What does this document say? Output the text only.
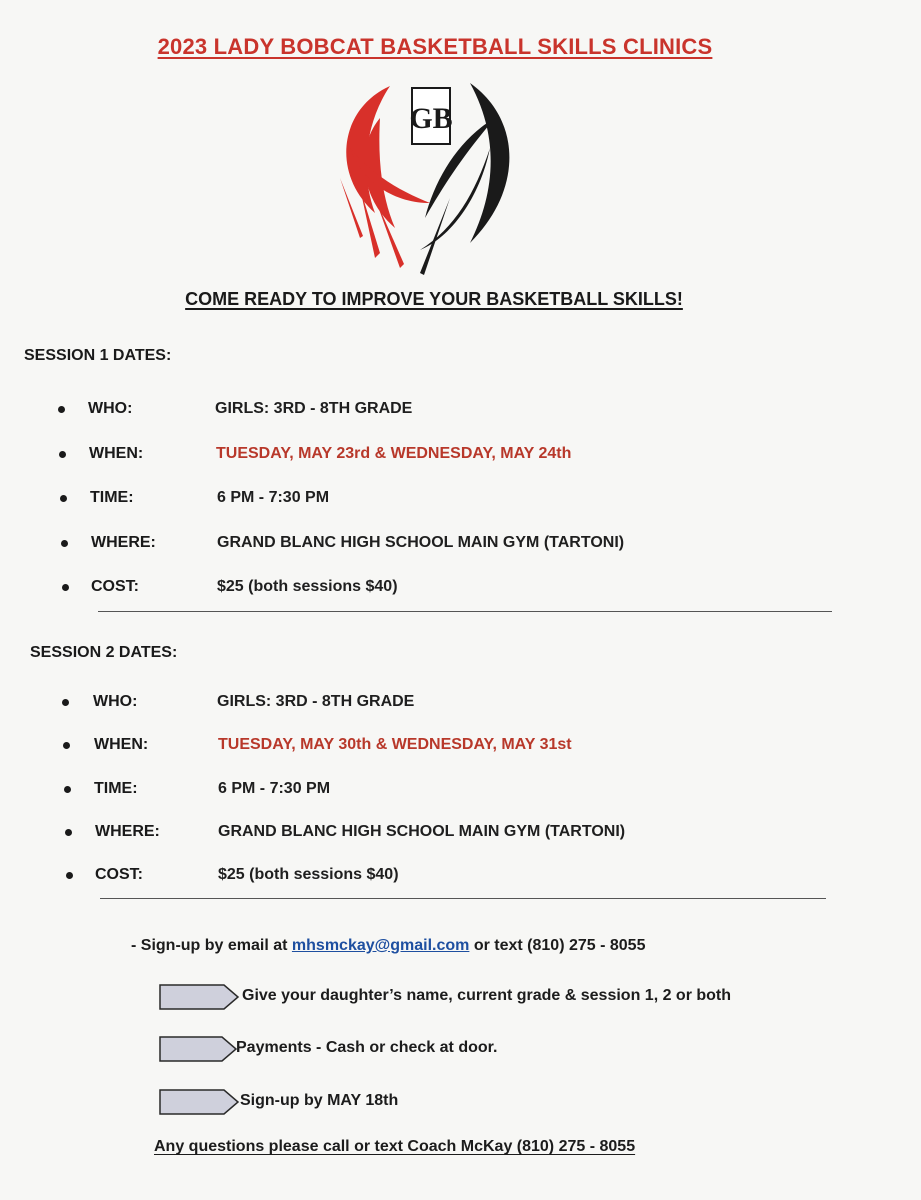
2023 LADY BOBCAT BASKETBALL SKILLS CLINICS
GB
COME READY TO IMPROVE YOUR BASKETBALL SKILLS!
SESSION 1 DATES:
WHO:	GIRLS: 3RD - 8TH GRADE
WHEN:	TUESDAY, MAY 23rd & WEDNESDAY, MAY 24th
TIME:	6 PM - 7:30 PM
WHERE:	GRAND BLANC HIGH SCHOOL MAIN GYM (TARTONI)
COST:	$25 (both sessions $40)
SESSION 2 DATES:
WHO:	GIRLS: 3RD - 8TH GRADE
WHEN:	TUESDAY, MAY 30th & WEDNESDAY, MAY 31st
TIME:	6 PM - 7:30 PM
WHERE:	GRAND BLANC HIGH SCHOOL MAIN GYM (TARTONI)
COST:	$25 (both sessions $40)
- Sign-up by email at mhsmckay@gmail.com or text (810) 275 - 8055
Give your daughter’s name, current grade & session 1, 2 or both
Payments - Cash or check at door.
Sign-up by MAY 18th
Any questions please call or text Coach McKay (810) 275 - 8055
